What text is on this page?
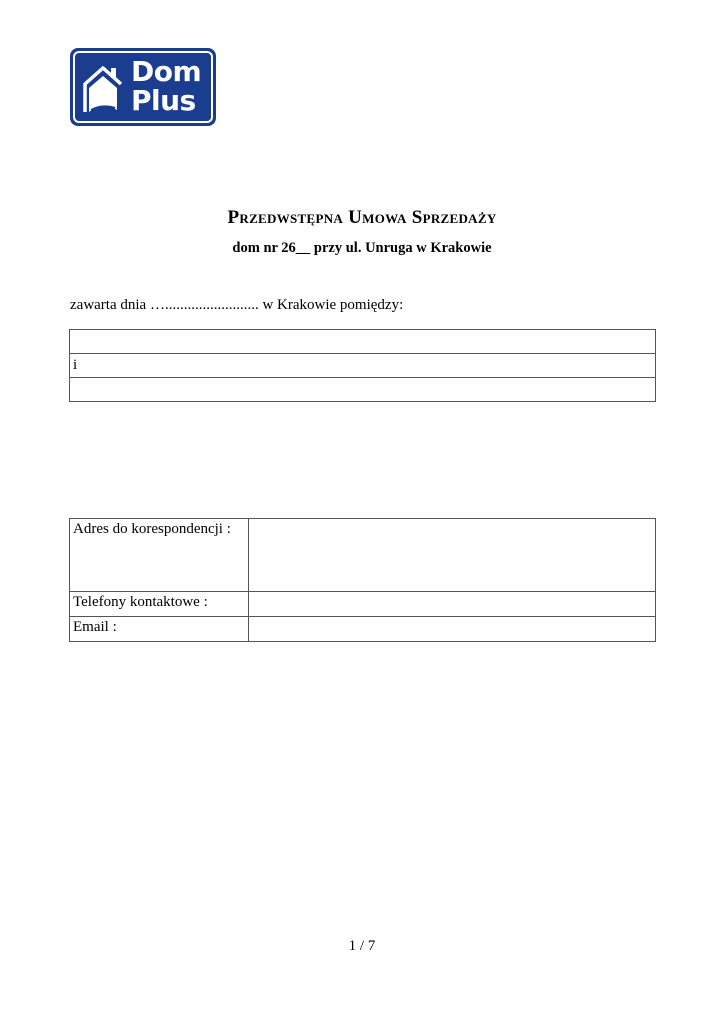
Dom
Plus
Przedwstępna Umowa Sprzedaży
dom nr 26__ przy ul. Unruga w Krakowie
zawarta dnia …......................... w Krakowie pomiędzy:

i

Adres do korespondencji :	
Telefony kontaktowe :	
Email :	
1 / 7
